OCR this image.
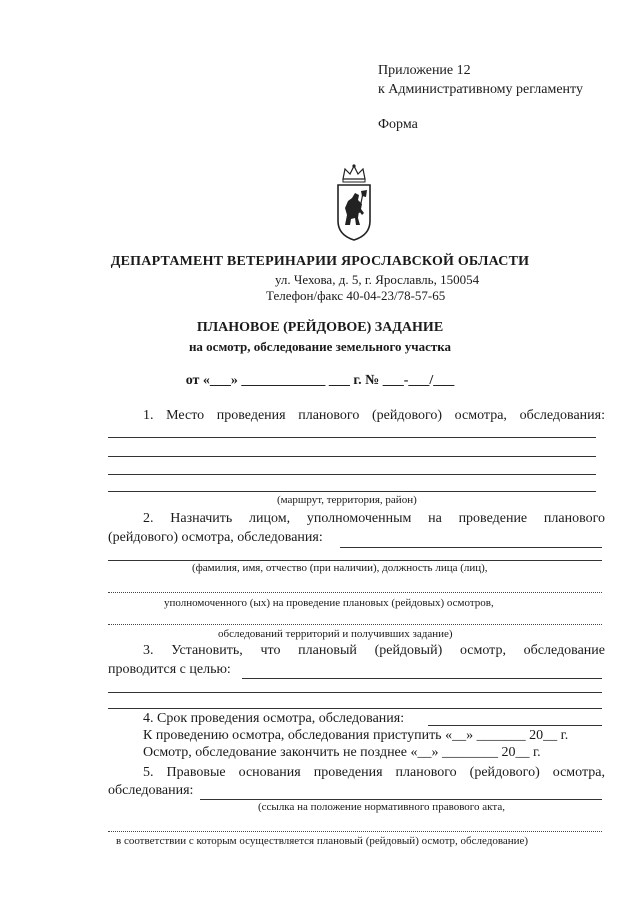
Приложение 12
к Административному регламенту
Форма
ДЕПАРТАМЕНТ ВЕТЕРИНАРИИ ЯРОСЛАВСКОЙ ОБЛАСТИ
ул. Чехова, д. 5, г. Ярославль, 150054
Телефон/факс 40-04-23/78-57-65
ПЛАНОВОЕ (РЕЙДОВОЕ) ЗАДАНИЕ
на осмотр, обследование земельного участка
от «___» ____________ ___ г. № ___-___/___
1. Место проведения планового (рейдового) осмотра, обследования:
(маршрут, территория, район)
2. Назначить лицом, уполномоченным на проведение планового
(рейдового) осмотра, обследования:
(фамилия, имя, отчество (при наличии), должность лица (лиц),
уполномоченного (ых) на проведение плановых (рейдовых) осмотров,
обследований территорий и получивших задание)
3. Установить, что плановый (рейдовый) осмотр, обследование
проводится с целью:
4. Срок проведения осмотра, обследования:
К проведению осмотра, обследования приступить «__» _______ 20__ г.
Осмотр, обследование закончить не позднее «__» ________ 20__ г.
5. Правовые основания проведения планового (рейдового) осмотра,
обследования:
(ссылка на положение нормативного правового акта,
в соответствии с которым осуществляется плановый (рейдовый) осмотр, обследование)
